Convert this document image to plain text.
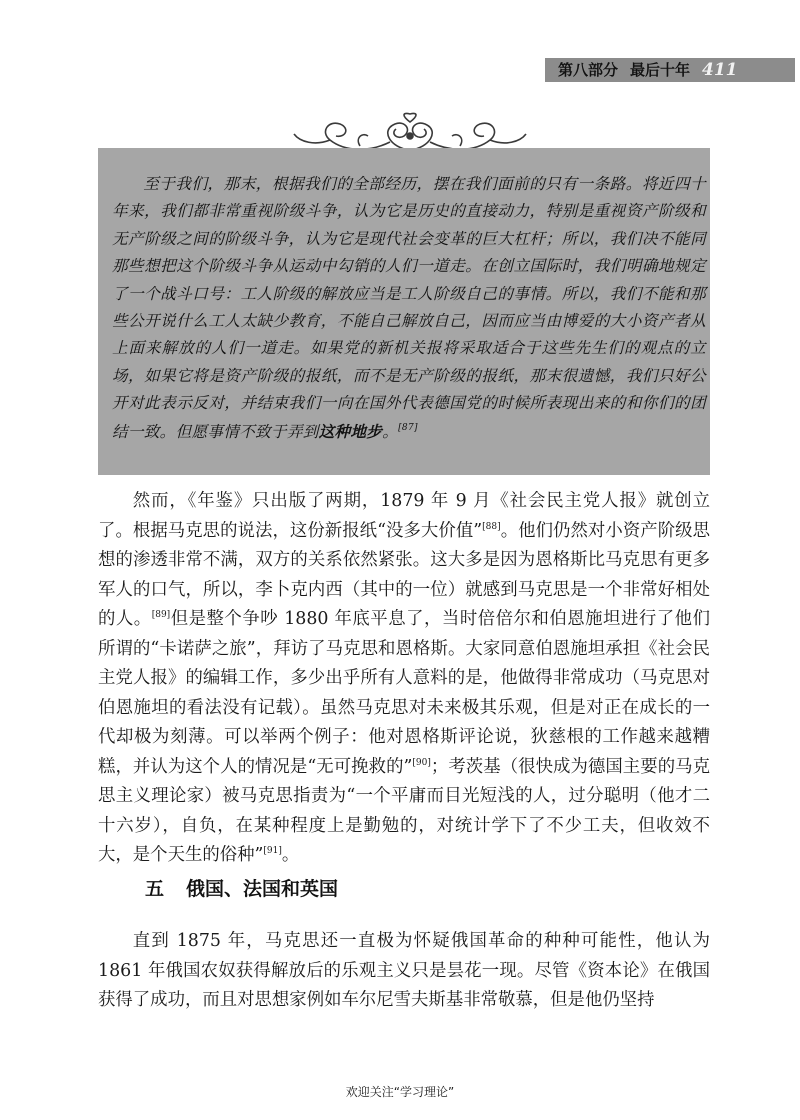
第八部分 最后十年 411

至于我们，那末，根据我们的全部经历，摆在我们面前的只有一条路。将近四十年来，我们都非常重视阶级斗争，认为它是历史的直接动力，特别是重视资产阶级和无产阶级之间的阶级斗争，认为它是现代社会变革的巨大杠杆；所以，我们决不能同那些想把这个阶级斗争从运动中勾销的人们一道走。在创立国际时，我们明确地规定了一个战斗口号：工人阶级的解放应当是工人阶级自己的事情。所以，我们不能和那些公开说什么工人太缺少教育，不能自己解放自己，因而应当由博爱的大小资产者从上面来解放的人们一道走。如果党的新机关报将采取适合于这些先生们的观点的立场，如果它将是资产阶级的报纸，而不是无产阶级的报纸，那末很遗憾，我们只好公开对此表示反对，并结束我们一向在国外代表德国党的时候所表现出来的和你们的团结一致。但愿事情不致于弄到这种地步。[87]

然而，《年鉴》只出版了两期，1879 年 9 月《社会民主党人报》就创立了。根据马克思的说法，这份新报纸“没多大价值”[88]。他们仍然对小资产阶级思想的渗透非常不满，双方的关系依然紧张。这大多是因为恩格斯比马克思有更多军人的口气，所以，李卜克内西（其中的一位）就感到马克思是一个非常好相处的人。[89]但是整个争吵 1880 年底平息了，当时倍倍尔和伯恩施坦进行了他们所谓的“卡诺萨之旅”，拜访了马克思和恩格斯。大家同意伯恩施坦承担《社会民主党人报》的编辑工作，多少出乎所有人意料的是，他做得非常成功（马克思对伯恩施坦的看法没有记载）。虽然马克思对未来极其乐观，但是对正在成长的一代却极为刻薄。可以举两个例子：他对恩格斯评论说，狄慈根的工作越来越糟糕，并认为这个人的情况是“无可挽救的”[90]；考茨基（很快成为德国主要的马克思主义理论家）被马克思指责为“一个平庸而目光短浅的人，过分聪明（他才二十六岁），自负，在某种程度上是勤勉的，对统计学下了不少工夫，但收效不大，是个天生的俗种”[91]。

五 俄国、法国和英国

直到 1875 年，马克思还一直极为怀疑俄国革命的种种可能性，他认为 1861 年俄国农奴获得解放后的乐观主义只是昙花一现。尽管《资本论》在俄国获得了成功，而且对思想家例如车尔尼雪夫斯基非常敬慕，但是他仍坚持

欢迎关注“学习理论”
